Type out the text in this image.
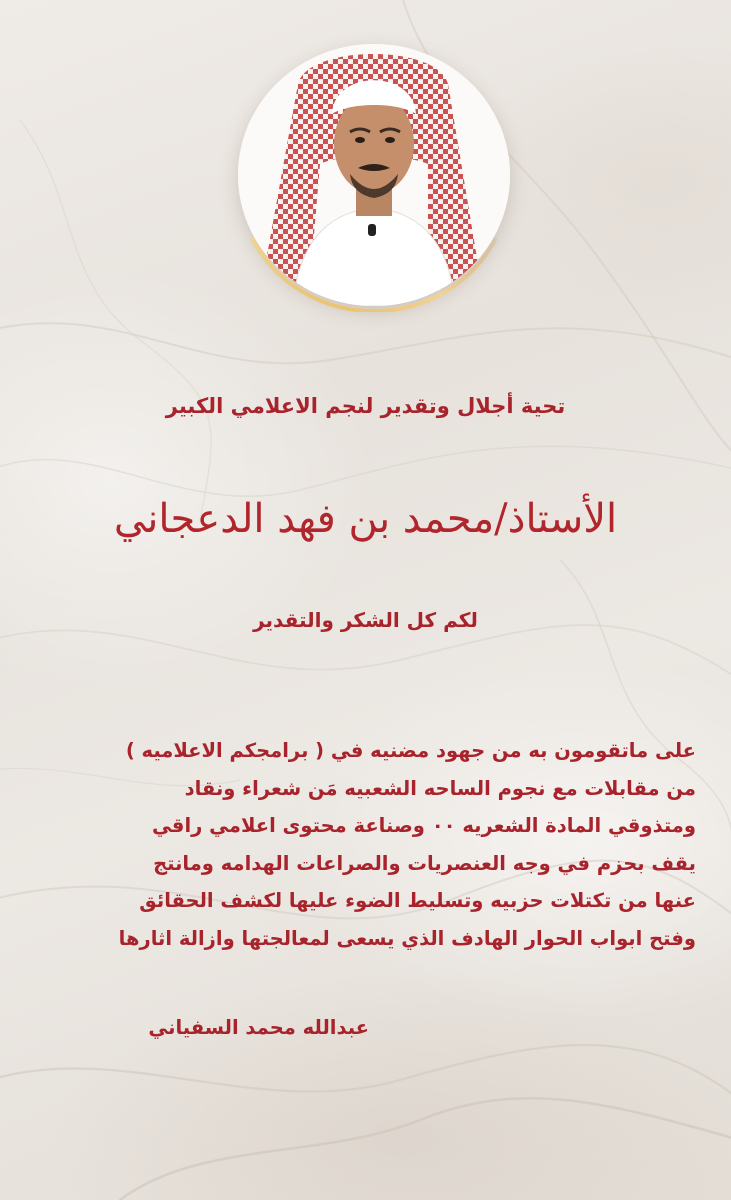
تحية أجلال وتقدير لنجم الاعلامي الكبير

الأستاذ/محمد بن فهد الدعجاني

لكم كل الشكر والتقدير

على ماتقومون به من جهود مضنيه في ( برامجكم الاعلاميه )
من مقابلات مع نجوم الساحه الشعبيه مَن شعراء ونقاد
ومتذوقي المادة الشعريه ٠٠ وصناعة محتوى اعلامي راقي
يقف بحزم في وجه العنصريات والصراعات الهدامه ومانتج
عنها من تكتلات حزبيه وتسليط الضوء عليها لكشف الحقائق
وفتح ابواب الحوار الهادف الذي يسعى لمعالجتها وازالة اثارها

عبدالله محمد السفياني
